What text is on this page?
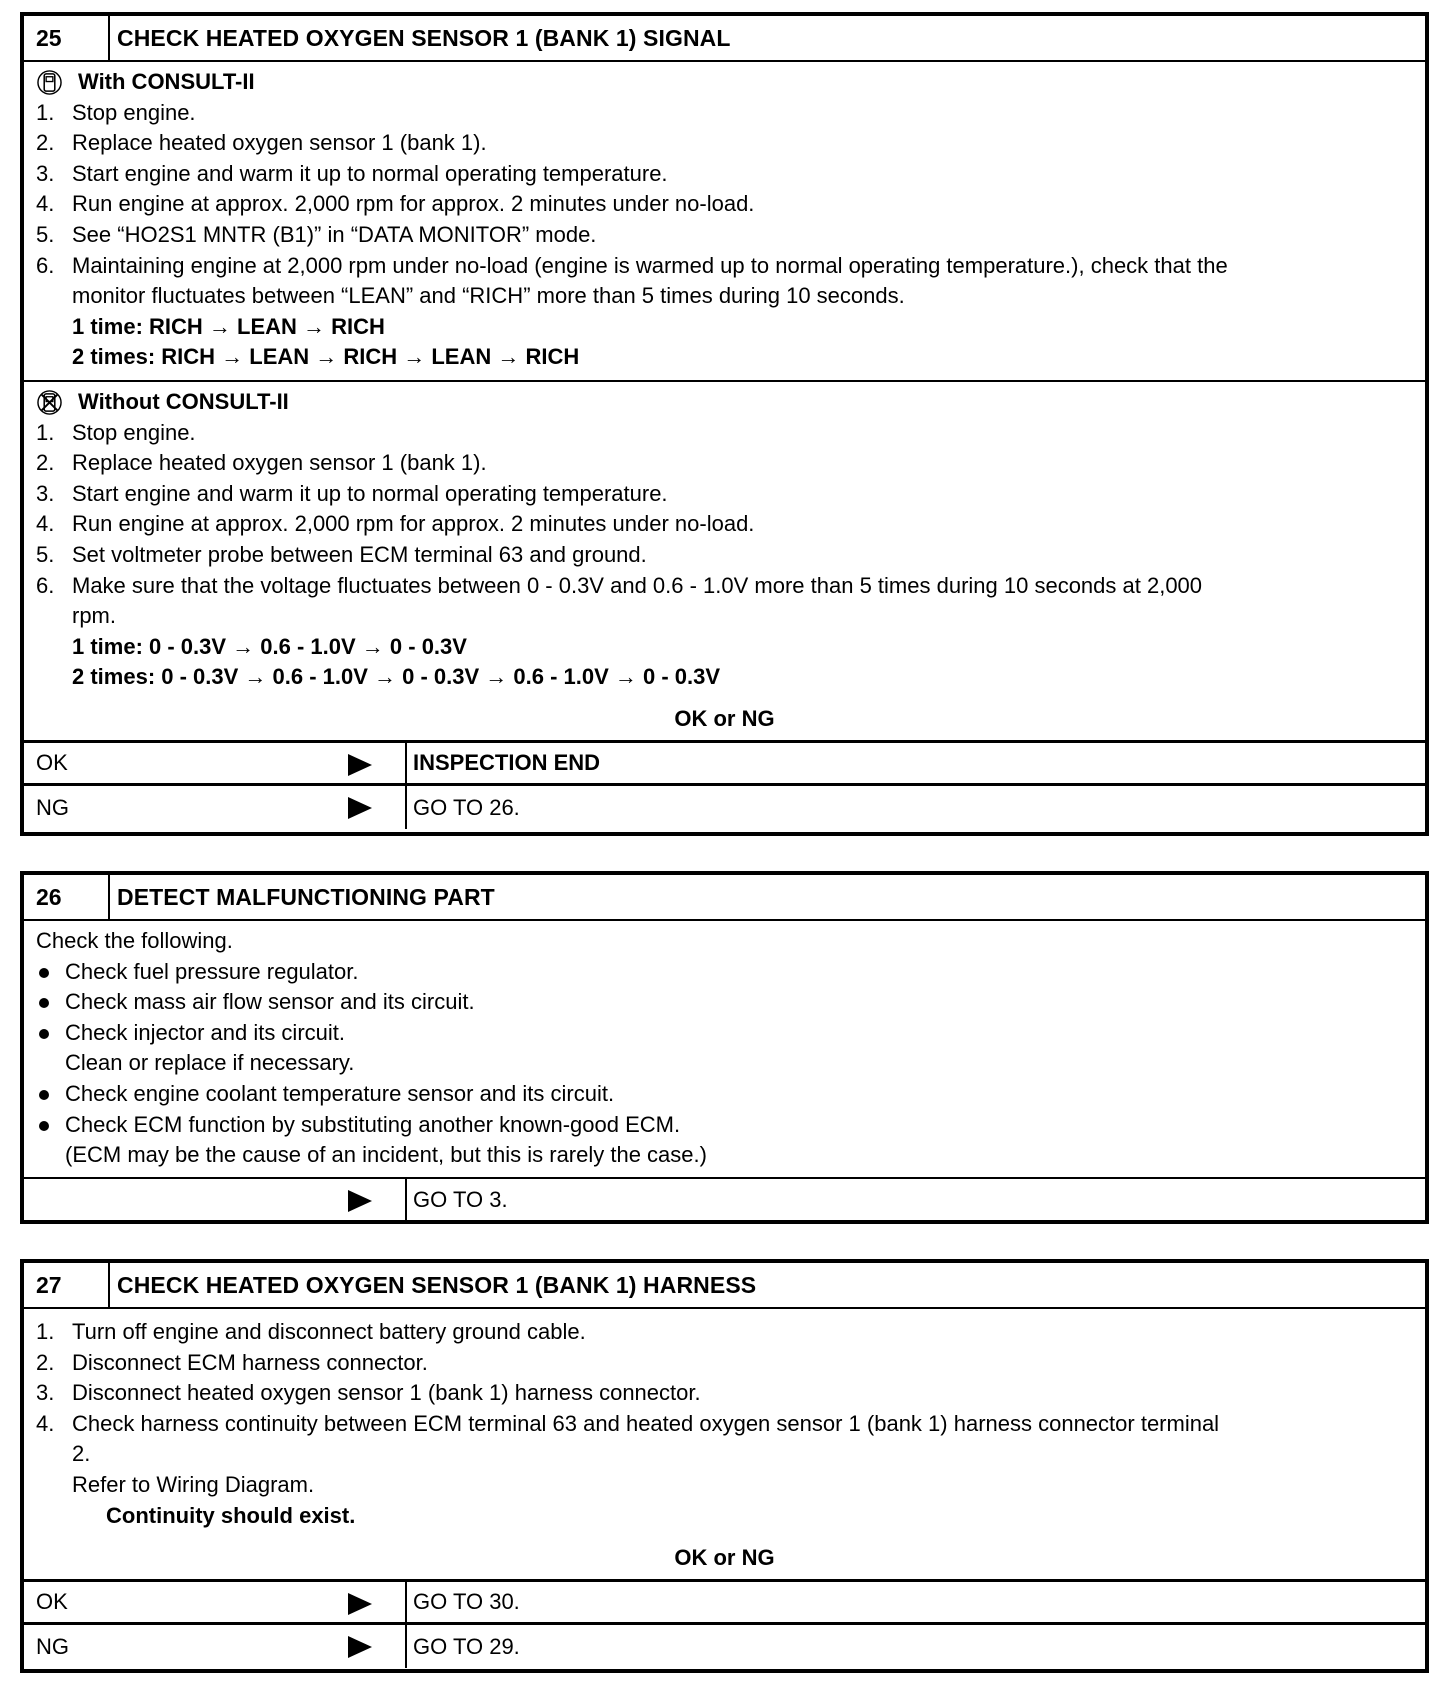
25	CHECK HEATED OXYGEN SENSOR 1 (BANK 1) SIGNAL
With CONSULT-II
1. Stop engine.
2. Replace heated oxygen sensor 1 (bank 1).
3. Start engine and warm it up to normal operating temperature.
4. Run engine at approx. 2,000 rpm for approx. 2 minutes under no-load.
5. See “HO2S1 MNTR (B1)” in “DATA MONITOR” mode.
6. Maintaining engine at 2,000 rpm under no-load (engine is warmed up to normal operating temperature.), check that the
monitor fluctuates between “LEAN” and “RICH” more than 5 times during 10 seconds.
1 time: RICH → LEAN → RICH
2 times: RICH → LEAN → RICH → LEAN → RICH
Without CONSULT-II
1. Stop engine.
2. Replace heated oxygen sensor 1 (bank 1).
3. Start engine and warm it up to normal operating temperature.
4. Run engine at approx. 2,000 rpm for approx. 2 minutes under no-load.
5. Set voltmeter probe between ECM terminal 63 and ground.
6. Make sure that the voltage fluctuates between 0 - 0.3V and 0.6 - 1.0V more than 5 times during 10 seconds at 2,000
rpm.
1 time: 0 - 0.3V → 0.6 - 1.0V → 0 - 0.3V
2 times: 0 - 0.3V → 0.6 - 1.0V → 0 - 0.3V → 0.6 - 1.0V → 0 - 0.3V
OK or NG
OK	INSPECTION END
NG	GO TO 26.
26	DETECT MALFUNCTIONING PART
Check the following.
Check fuel pressure regulator.
Check mass air flow sensor and its circuit.
Check injector and its circuit.
Clean or replace if necessary.
Check engine coolant temperature sensor and its circuit.
Check ECM function by substituting another known-good ECM.
(ECM may be the cause of an incident, but this is rarely the case.)
GO TO 3.
27	CHECK HEATED OXYGEN SENSOR 1 (BANK 1) HARNESS
1. Turn off engine and disconnect battery ground cable.
2. Disconnect ECM harness connector.
3. Disconnect heated oxygen sensor 1 (bank 1) harness connector.
4. Check harness continuity between ECM terminal 63 and heated oxygen sensor 1 (bank 1) harness connector terminal
2.
Refer to Wiring Diagram.
Continuity should exist.
OK or NG
OK	GO TO 30.
NG	GO TO 29.
